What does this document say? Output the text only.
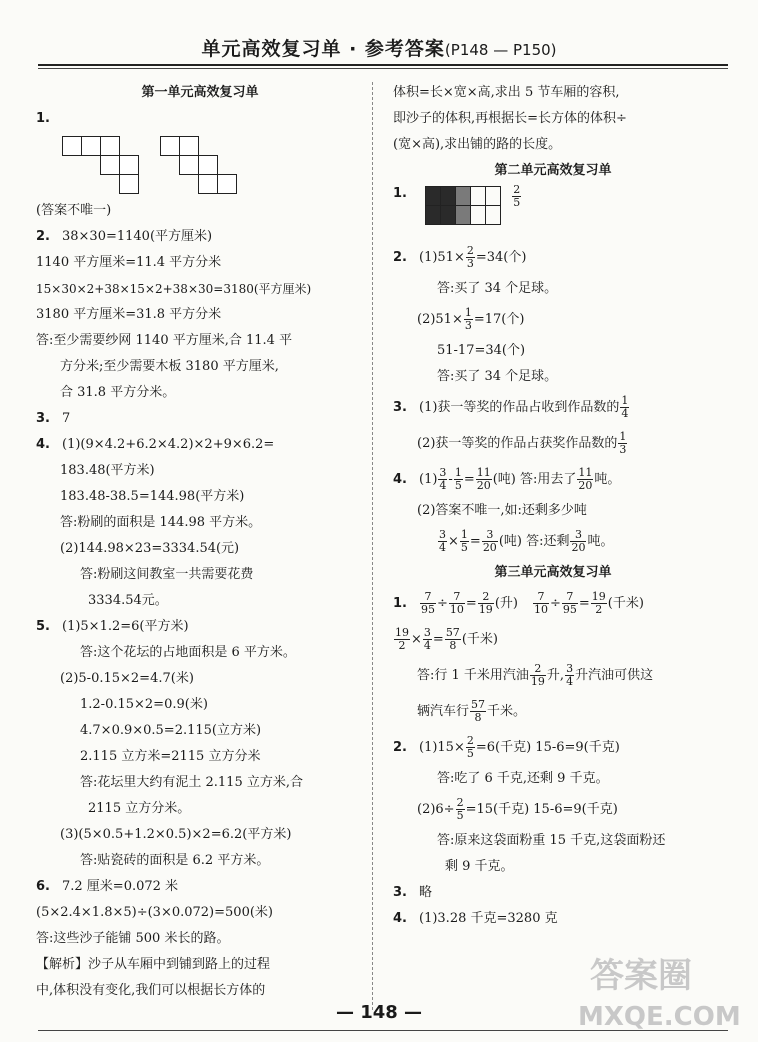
单元高效复习单 · 参考答案(P148 — P150)
第一单元高效复习单
1.
(答案不唯一)
2. 38×30=1140(平方厘米)
1140 平方厘米=11.4 平方分米
15×30×2+38×15×2+38×30=3180(平方厘米)
3180 平方厘米=31.8 平方分米
答:至少需要纱网 1140 平方厘米,合 11.4 平
方分米;至少需要木板 3180 平方厘米,
合 31.8 平方分米。
3. 7
4. (1)(9×4.2+6.2×4.2)×2+9×6.2=
183.48(平方米)
183.48-38.5=144.98(平方米)
答:粉刷的面积是 144.98 平方米。
(2)144.98×23=3334.54(元)
答:粉刷这间教室一共需要花费
3334.54元。
5. (1)5×1.2=6(平方米)
答:这个花坛的占地面积是 6 平方米。
(2)5-0.15×2=4.7(米)
1.2-0.15×2=0.9(米)
4.7×0.9×0.5=2.115(立方米)
2.115 立方米=2115 立方分米
答:花坛里大约有泥土 2.115 立方米,合
2115 立方分米。
(3)(5×0.5+1.2×0.5)×2=6.2(平方米)
答:贴瓷砖的面积是 6.2 平方米。
6. 7.2 厘米=0.072 米
(5×2.4×1.8×5)÷(3×0.072)=500(米)
答:这些沙子能铺 500 米长的路。
【解析】沙子从车厢中到铺到路上的过程
中,体积没有变化,我们可以根据长方体的
体积=长×宽×高,求出 5 节车厢的容积,
即沙子的体积,再根据长=长方体的体积÷
(宽×高),求出铺的路的长度。
第二单元高效复习单
1.
	$\frac{2}{5}$
2. $(1)51\times \frac{2}{3} =34$(个)
答:买了 34 个足球。
$(2)51\times \frac{1}{3} =17$(个)
51-17=34(个)
答:买了 34 个足球。
3. (1)获一等奖的作品占收到作品数的 $\frac{1}{4}$
(2)获一等奖的作品占获奖作品数的 $\frac{1}{3}$
4. $(1) \frac{3}{4} - \frac{1}{5} = \frac{11}{20}$ (吨) 答:用去了 $\frac{11}{20}$ 吨。
(2)答案不唯一,如:还剩多少吨
$\frac{3}{4} \times \frac{1}{5} = \frac{3}{20}$ (吨) 答:还剩 $\frac{3}{20}$ 吨。
第三单元高效复习单
1. $\frac{7}{95} \div \frac{7}{10} = \frac{2}{19}$ (升) $\frac{7}{10} \div \frac{7}{95} = \frac{19}{2}$ (千米)
$\frac{19}{2} \times \frac{3}{4} = \frac{57}{8}$ (千米)
答:行 1 千米用汽油 $\frac{2}{19}$ 升, $\frac{3}{4}$ 升汽油可供这
辆汽车行 $\frac{57}{8}$ 千米。
2. $(1)15\times \frac{2}{5} =6$(千克) 15-6=9(千克)
答:吃了 6 千克,还剩 9 千克。
$(2)6\div \frac{2}{5} =15$(千克) 15-6=9(千克)
答:原来这袋面粉重 15 千克,这袋面粉还
剩 9 千克。
3. 略
4. (1)3.28 千克=3280 克
答案圈
MXQE.COM
— 148 —
